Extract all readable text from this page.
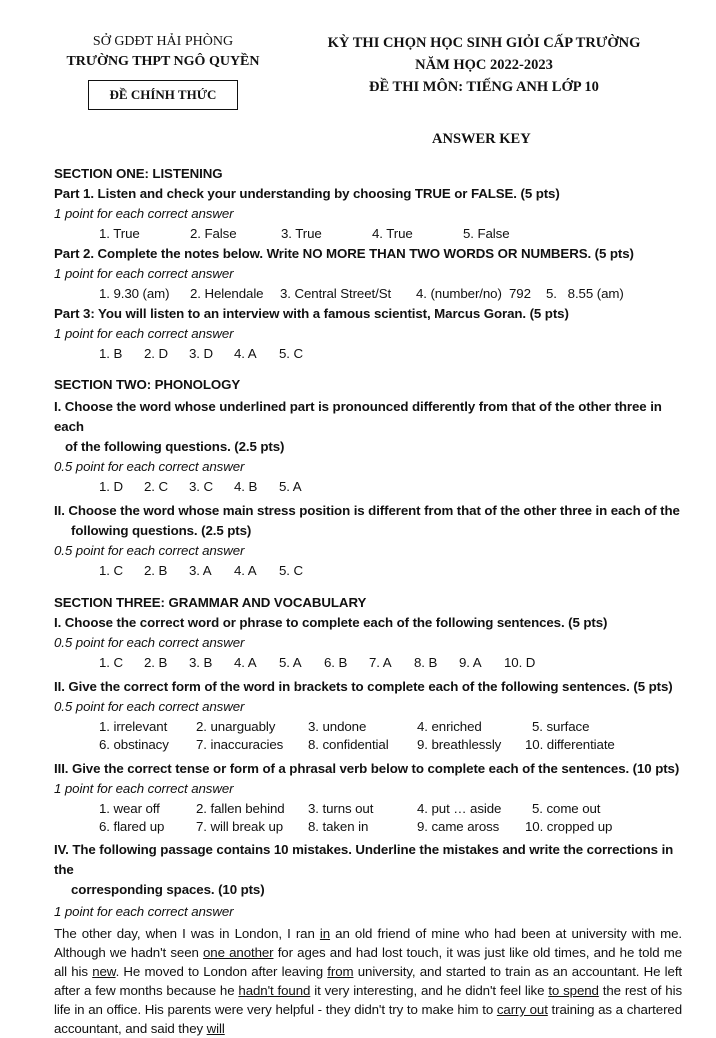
SỞ GDĐT HẢI PHÒNG
TRƯỜNG THPT NGÔ QUYỀN
ĐỀ CHÍNH THỨC
KỲ THI CHỌN HỌC SINH GIỎI CẤP TRƯỜNG
NĂM HỌC 2022-2023
ĐỀ THI MÔN: TIẾNG ANH LỚP 10
ANSWER KEY
SECTION ONE: LISTENING
Part 1. Listen and check your understanding by choosing TRUE or FALSE. (5 pts)
1 point for each correct answer
1. True	2. False	3. True	4. True	5. False
Part 2. Complete the notes below. Write NO MORE THAN TWO WORDS OR NUMBERS. (5 pts)
1 point for each correct answer
1. 9.30 (am)	2. Helendale	3. Central Street/St	4. (number/no)  792	5.   8.55 (am)
Part 3: You will listen to an interview with a famous scientist, Marcus Goran. (5 pts)
1 point for each correct answer
1. B	2. D	3. D	4. A	5. C
SECTION TWO: PHONOLOGY
I. Choose the word whose underlined part is pronounced differently from that of the other three in each
of the following questions. (2.5 pts)
0.5 point for each correct answer
1. D	2. C	3. C	4. B	5. A
II. Choose the word whose main stress position is different from that of the other three in each of the
following questions. (2.5 pts)
0.5 point for each correct answer
1. C	2. B	3. A	4. A	5. C
SECTION THREE: GRAMMAR AND VOCABULARY
I. Choose the correct word or phrase to complete each of the following sentences. (5 pts)
0.5 point for each correct answer
1. C	2. B	3. B	4. A	5. A	6. B	7. A	8. B	9. A	10. D
II. Give the correct form of the word in brackets to complete each of the following sentences. (5 pts)
0.5 point for each correct answer
1. irrelevant	2. unarguably	3. undone	4. enriched	5. surface
6. obstinacy	7. inaccuracies	8. confidential	9. breathlessly	10. differentiate
III. Give the correct tense or form of a phrasal verb below to complete each of the sentences. (10 pts)
1 point for each correct answer
1. wear off	2. fallen behind	3. turns out	4. put … aside	5. come out
6. flared up	7. will break up	8. taken in	9. came aross	10. cropped up
IV. The following passage contains 10 mistakes. Underline the mistakes and write the corrections in the
corresponding spaces. (10 pts)
1 point for each correct answer
The other day, when I was in London, I ran in an old friend of mine who had been at university with me. Although we hadn't seen one another for ages and had lost touch, it was just like old times, and he told me all his new. He moved to London after leaving from university, and started to train as an accountant. He left after a few months because he hadn't found it very interesting, and he didn't feel like to spend the rest of his life in an office. His parents were very helpful - they didn't try to make him to carry out training as a chartered accountant, and said they will
